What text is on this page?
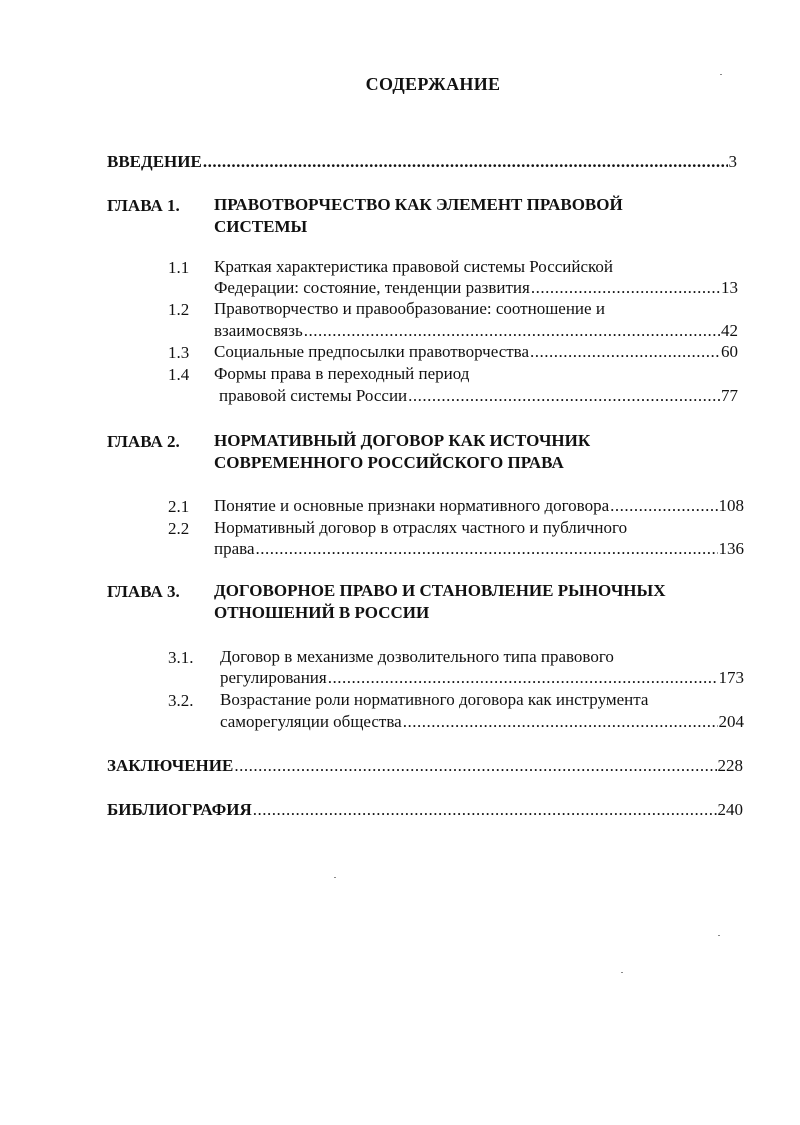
СОДЕРЖАНИЕ
ВВЕДЕНИЕ .....	3
ГЛАВА 1. ПРАВОТВОРЧЕСТВО КАК ЭЛЕМЕНТ ПРАВОВОЙ
СИСТЕМЫ
1.1 Краткая характеристика правовой системы Российской
Федерации: состояние, тенденции развития .....	13
1.2 Правотворчество и правообразование: соотношение и
взаимосвязь .....	42
1.3 Социальные предпосылки правотворчества .....	60
1.4 Формы права в переходный период
правовой системы России .....	77
ГЛАВА 2. НОРМАТИВНЫЙ ДОГОВОР КАК ИСТОЧНИК
СОВРЕМЕННОГО РОССИЙСКОГО ПРАВА
2.1 Понятие и основные признаки нормативного договора .....	108
2.2 Нормативный договор в отраслях частного и публичного
права .....	136
ГЛАВА 3. ДОГОВОРНОЕ ПРАВО И СТАНОВЛЕНИЕ РЫНОЧНЫХ
ОТНОШЕНИЙ В РОССИИ
3.1. Договор в механизме дозволительного типа правового
регулирования .....	173
3.2. Возрастание роли нормативного договора как инструмента
саморегуляции общества .....	204
ЗАКЛЮЧЕНИЕ .....	228
БИБЛИОГРАФИЯ .....	240
